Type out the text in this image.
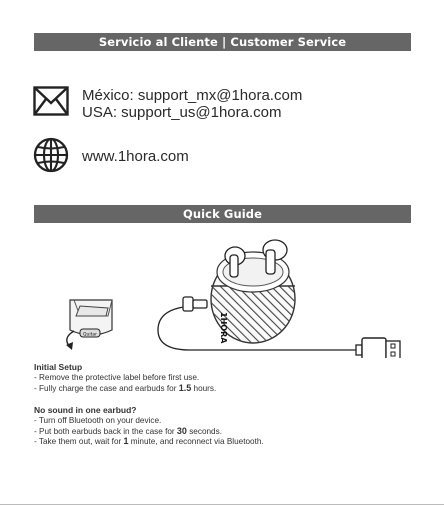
Servicio al Cliente | Customer Service
México: support_mx@1hora.com
USA: support_us@1hora.com
www.1hora.com
Quick Guide
Quitar	1HORA
Initial Setup
- Remove the protective label before first use.
- Fully charge the case and earbuds for 1.5 hours.
No sound in one earbud?
- Turn off Bluetooth on your device.
- Put both earbuds back in the case for 30 seconds.
- Take them out, wait for 1 minute, and reconnect via Bluetooth.
